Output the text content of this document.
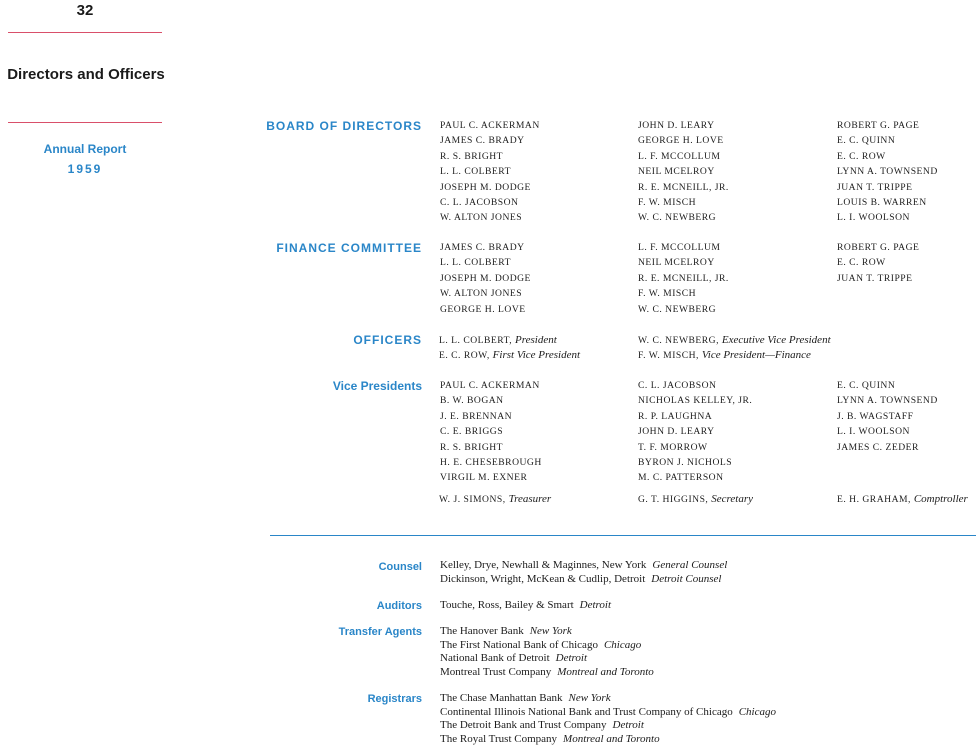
32
Directors and Officers
Annual Report
1959
BOARD OF DIRECTORS PAUL C. ACKERMAN
JAMES C. BRADY
R. S. BRIGHT
L. L. COLBERT
JOSEPH M. DODGE
C. L. JACOBSON
W. ALTON JONES
JOHN D. LEARY
GEORGE H. LOVE
L. F. MCCOLLUM
NEIL MCELROY
R. E. MCNEILL, JR.
F. W. MISCH
W. C. NEWBERG
ROBERT G. PAGE
E. C. QUINN
E. C. ROW
LYNN A. TOWNSEND
JUAN T. TRIPPE
LOUIS B. WARREN
L. I. WOOLSON
FINANCE COMMITTEE JAMES C. BRADY
L. L. COLBERT
JOSEPH M. DODGE
W. ALTON JONES
GEORGE H. LOVE
L. F. MCCOLLUM
NEIL MCELROY
R. E. MCNEILL, JR.
F. W. MISCH
W. C. NEWBERG
ROBERT G. PAGE
E. C. ROW
JUAN T. TRIPPE
OFFICERS L. L. COLBERT, President
E. C. ROW, First Vice President
W. C. NEWBERG, Executive Vice President
F. W. MISCH, Vice President—Finance
Vice Presidents PAUL C. ACKERMAN
B. W. BOGAN
J. E. BRENNAN
C. E. BRIGGS
R. S. BRIGHT
H. E. CHESEBROUGH
VIRGIL M. EXNER
C. L. JACOBSON
NICHOLAS KELLEY, JR.
R. P. LAUGHNA
JOHN D. LEARY
T. F. MORROW
BYRON J. NICHOLS
M. C. PATTERSON
E. C. QUINN
LYNN A. TOWNSEND
J. B. WAGSTAFF
L. I. WOOLSON
JAMES C. ZEDER
W. J. SIMONS, Treasurer	G. T. HIGGINS, Secretary	E. H. GRAHAM, Comptroller
Counsel Kelley, Drye, Newhall & Maginnes, New York General Counsel
Dickinson, Wright, McKean & Cudlip, Detroit Detroit Counsel
Auditors Touche, Ross, Bailey & Smart Detroit
Transfer Agents The Hanover Bank New York
The First National Bank of Chicago Chicago
National Bank of Detroit Detroit
Montreal Trust Company Montreal and Toronto
Registrars The Chase Manhattan Bank New York
Continental Illinois National Bank and Trust Company of Chicago Chicago
The Detroit Bank and Trust Company Detroit
The Royal Trust Company Montreal and Toronto
